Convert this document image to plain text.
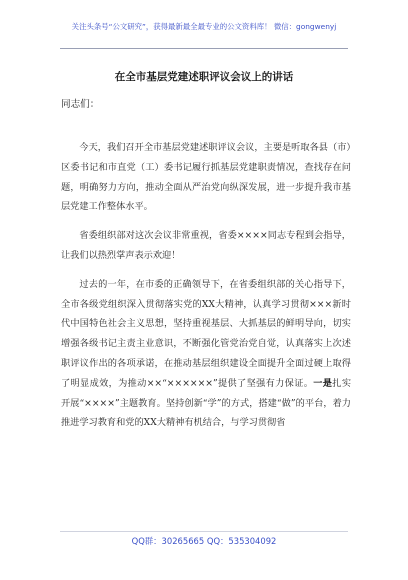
关注头条号“公文研究”，获得最新最全最专业的公文资料库！ 微信：gongwenyj
在全市基层党建述职评议会议上的讲话
同志们：

今天，我们召开全市基层党建述职评议会议，主要是听取各县（市）区委书记和市直党（工）委书记履行抓基层党建职责情况，查找存在问题，明确努力方向，推动全面从严治党向纵深发展，进一步提升我市基层党建工作整体水平。

省委组织部对这次会议非常重视，省委××××同志专程到会指导，让我们以热烈掌声表示欢迎！

过去的一年，在市委的正确领导下，在省委组织部的关心指导下，全市各级党组织深入贯彻落实党的XX大精神，认真学习贯彻×××新时代中国特色社会主义思想，坚持重视基层、大抓基层的鲜明导向，切实增强各级书记主责主业意识，不断强化管党治党自觉，认真落实上次述职评议作出的各项承诺，在推动基层组织建设全面提升全面过硬上取得了明显成效，为推动××“××××××”提供了坚强有力保证。一是扎实开展“××××”主题教育。坚持创新“学”的方式，搭建“做”的平台，着力推进学习教育和党的XX大精神有机结合，与学习贯彻省

QQ群：30265665 QQ：535304092
